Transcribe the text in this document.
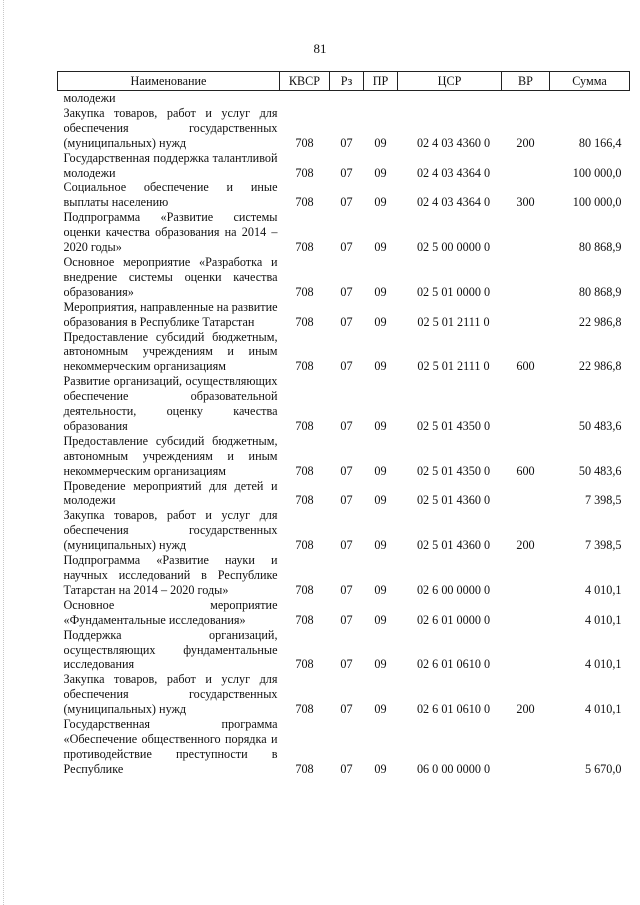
81
Наименование	КВСР	Рз	ПР	ЦСР	ВР	Сумма
молодежи						
Закупка товаров, работ и услуг для обеспечения государственных (муниципальных) нужд	708	07	09	02 4 03 4360 0	200	80 166,4
Государственная поддержка талантливой молодежи	708	07	09	02 4 03 4364 0		100 000,0
Социальное обеспечение и иные выплаты населению	708	07	09	02 4 03 4364 0	300	100 000,0
Подпрограмма «Развитие системы оценки качества образования на 2014 – 2020 годы»	708	07	09	02 5 00 0000 0		80 868,9
Основное мероприятие «Разработка и внедрение системы оценки качества образования»	708	07	09	02 5 01 0000 0		80 868,9
Мероприятия, направленные на развитие образования в Республике Татарстан	708	07	09	02 5 01 2111 0		22 986,8
Предоставление субсидий бюджетным, автономным учреждениям и иным некоммерческим организациям	708	07	09	02 5 01 2111 0	600	22 986,8
Развитие организаций, осуществляющих обеспечение образовательной деятельности, оценку качества образования	708	07	09	02 5 01 4350 0		50 483,6
Предоставление субсидий бюджетным, автономным учреждениям и иным некоммерческим организациям	708	07	09	02 5 01 4350 0	600	50 483,6
Проведение мероприятий для детей и молодежи	708	07	09	02 5 01 4360 0		7 398,5
Закупка товаров, работ и услуг для обеспечения государственных (муниципальных) нужд	708	07	09	02 5 01 4360 0	200	7 398,5
Подпрограмма «Развитие науки и научных исследований в Республике Татарстан на 2014 – 2020 годы»	708	07	09	02 6 00 0000 0		4 010,1
Основное мероприятие «Фундаментальные исследования»	708	07	09	02 6 01 0000 0		4 010,1
Поддержка организаций, осуществляющих фундаментальные исследования	708	07	09	02 6 01 0610 0		4 010,1
Закупка товаров, работ и услуг для обеспечения государственных (муниципальных) нужд	708	07	09	02 6 01 0610 0	200	4 010,1
Государственная программа «Обеспечение общественного порядка и противодействие преступности в Республике	708	07	09	06 0 00 0000 0		5 670,0
